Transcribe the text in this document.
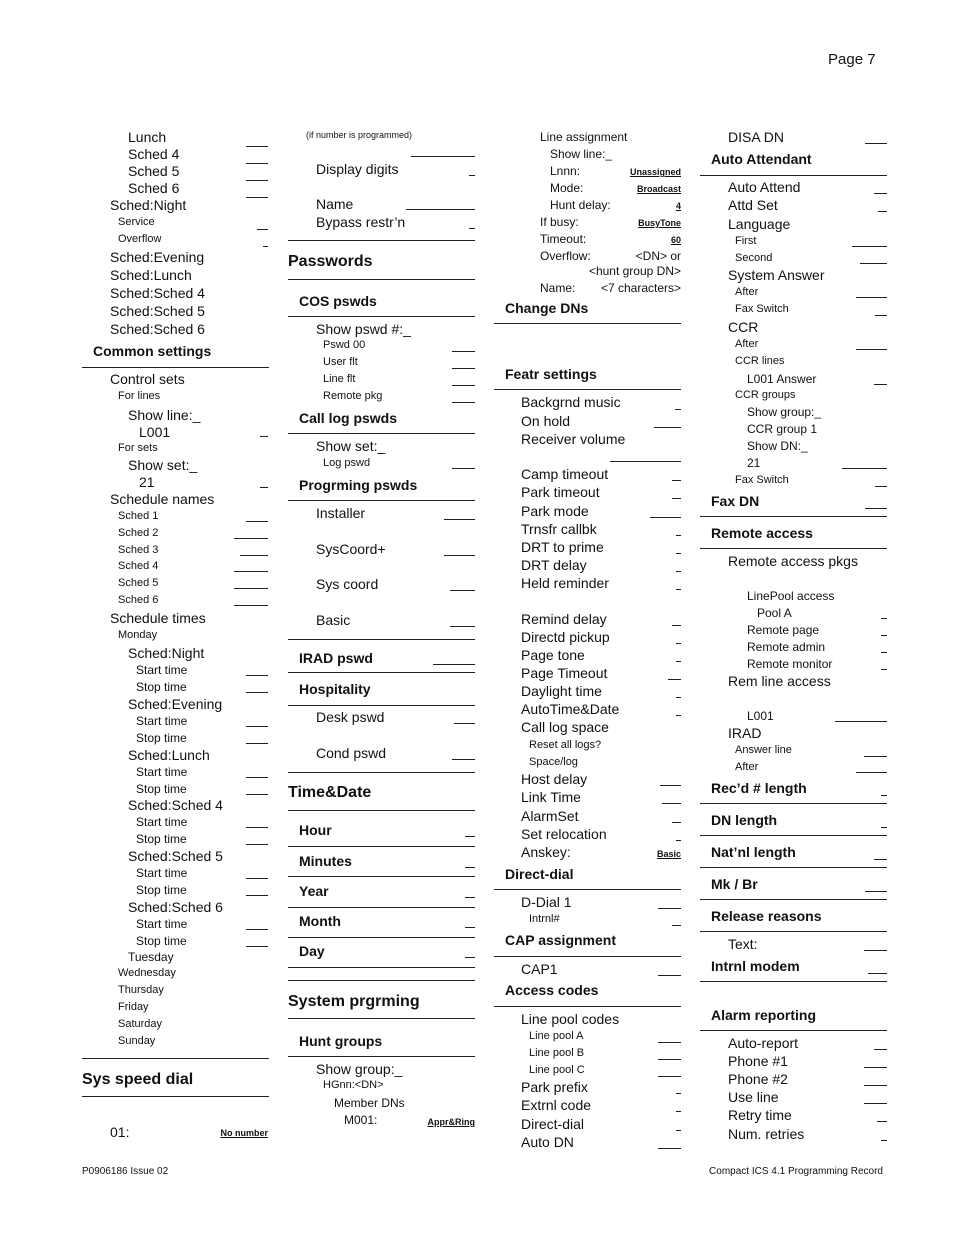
Page 7
Lunch
Sched 4
Sched 5
Sched 6
Sched:Night
Service
Overflow
Sched:Evening
Sched:Lunch
Sched:Sched 4
Sched:Sched 5
Sched:Sched 6
Common settings
Control sets
For lines
Show line:_
L001
For sets
Show set:_
21
Schedule names
Sched 1
Sched 2
Sched 3
Sched 4
Sched 5
Sched 6
Schedule times
Monday
Sched:Night
Start time
Stop time
Sched:Evening
Start time
Stop time
Sched:Lunch
Start time
Stop time
Sched:Sched 4
Start time
Stop time
Sched:Sched 5
Start time
Stop time
Sched:Sched 6
Start time
Stop time
Tuesday
Wednesday
Thursday
Friday
Saturday
Sunday
Sys speed dial
01:	No number
(if number is programmed)
Display digits
Name
Bypass restr’n
Passwords
COS pswds
Show pswd #:_
Pswd 00
User flt
Line flt
Remote pkg
Call log pswds
Show set:_
Log pswd
Progrming pswds
Installer
SysCoord+
Sys coord
Basic
IRAD pswd
Hospitality
Desk pswd
Cond pswd
Time&Date
Hour
Minutes
Year
Month
Day
System prgrming
Hunt groups
Show group:_
HGnn:<DN>
Member DNs
M001:	Appr&Ring
Line assignment
Show line:_
Lnnn:	Unassigned
Mode:	Broadcast
Hunt delay:	4
If busy:	BusyTone
Timeout:	60
Overflow:	<DN> or
<hunt group DN>
Name: <7 characters>
Change DNs
Featr settings
Backgrnd music
On hold
Receiver volume
Camp timeout
Park timeout
Park mode
Trnsfr callbk
DRT to prime
DRT delay
Held reminder
Remind delay
Directd pickup
Page tone
Page Timeout
Daylight time
AutoTime&Date
Call log space
Reset all logs?
Space/log
Host delay
Link Time
AlarmSet
Set relocation
Anskey:	Basic
Direct-dial
D-Dial 1
Intrnl#
CAP assignment
CAP1
Access codes
Line pool codes
Line pool A
Line pool B
Line pool C
Park prefix
Extrnl code
Direct-dial
Auto DN
DISA DN
Auto Attendant
Auto Attend
Attd Set
Language
First
Second
System Answer
After
Fax Switch
CCR
After
CCR lines
L001 Answer
CCR groups
Show group:_
CCR group 1
Show DN:_
21
Fax Switch
Fax DN
Remote access
Remote access pkgs
LinePool access
Pool A
Remote page
Remote admin
Remote monitor
Rem line access
L001
IRAD
Answer line
After
Rec’d # length
DN length
Nat’nl length
Mk / Br
Release reasons
Text:
Intrnl modem
Alarm reporting
Auto-report
Phone #1
Phone #2
Use line
Retry time
Num. retries
P0906186 Issue 02	Compact ICS 4.1 Programming Record
